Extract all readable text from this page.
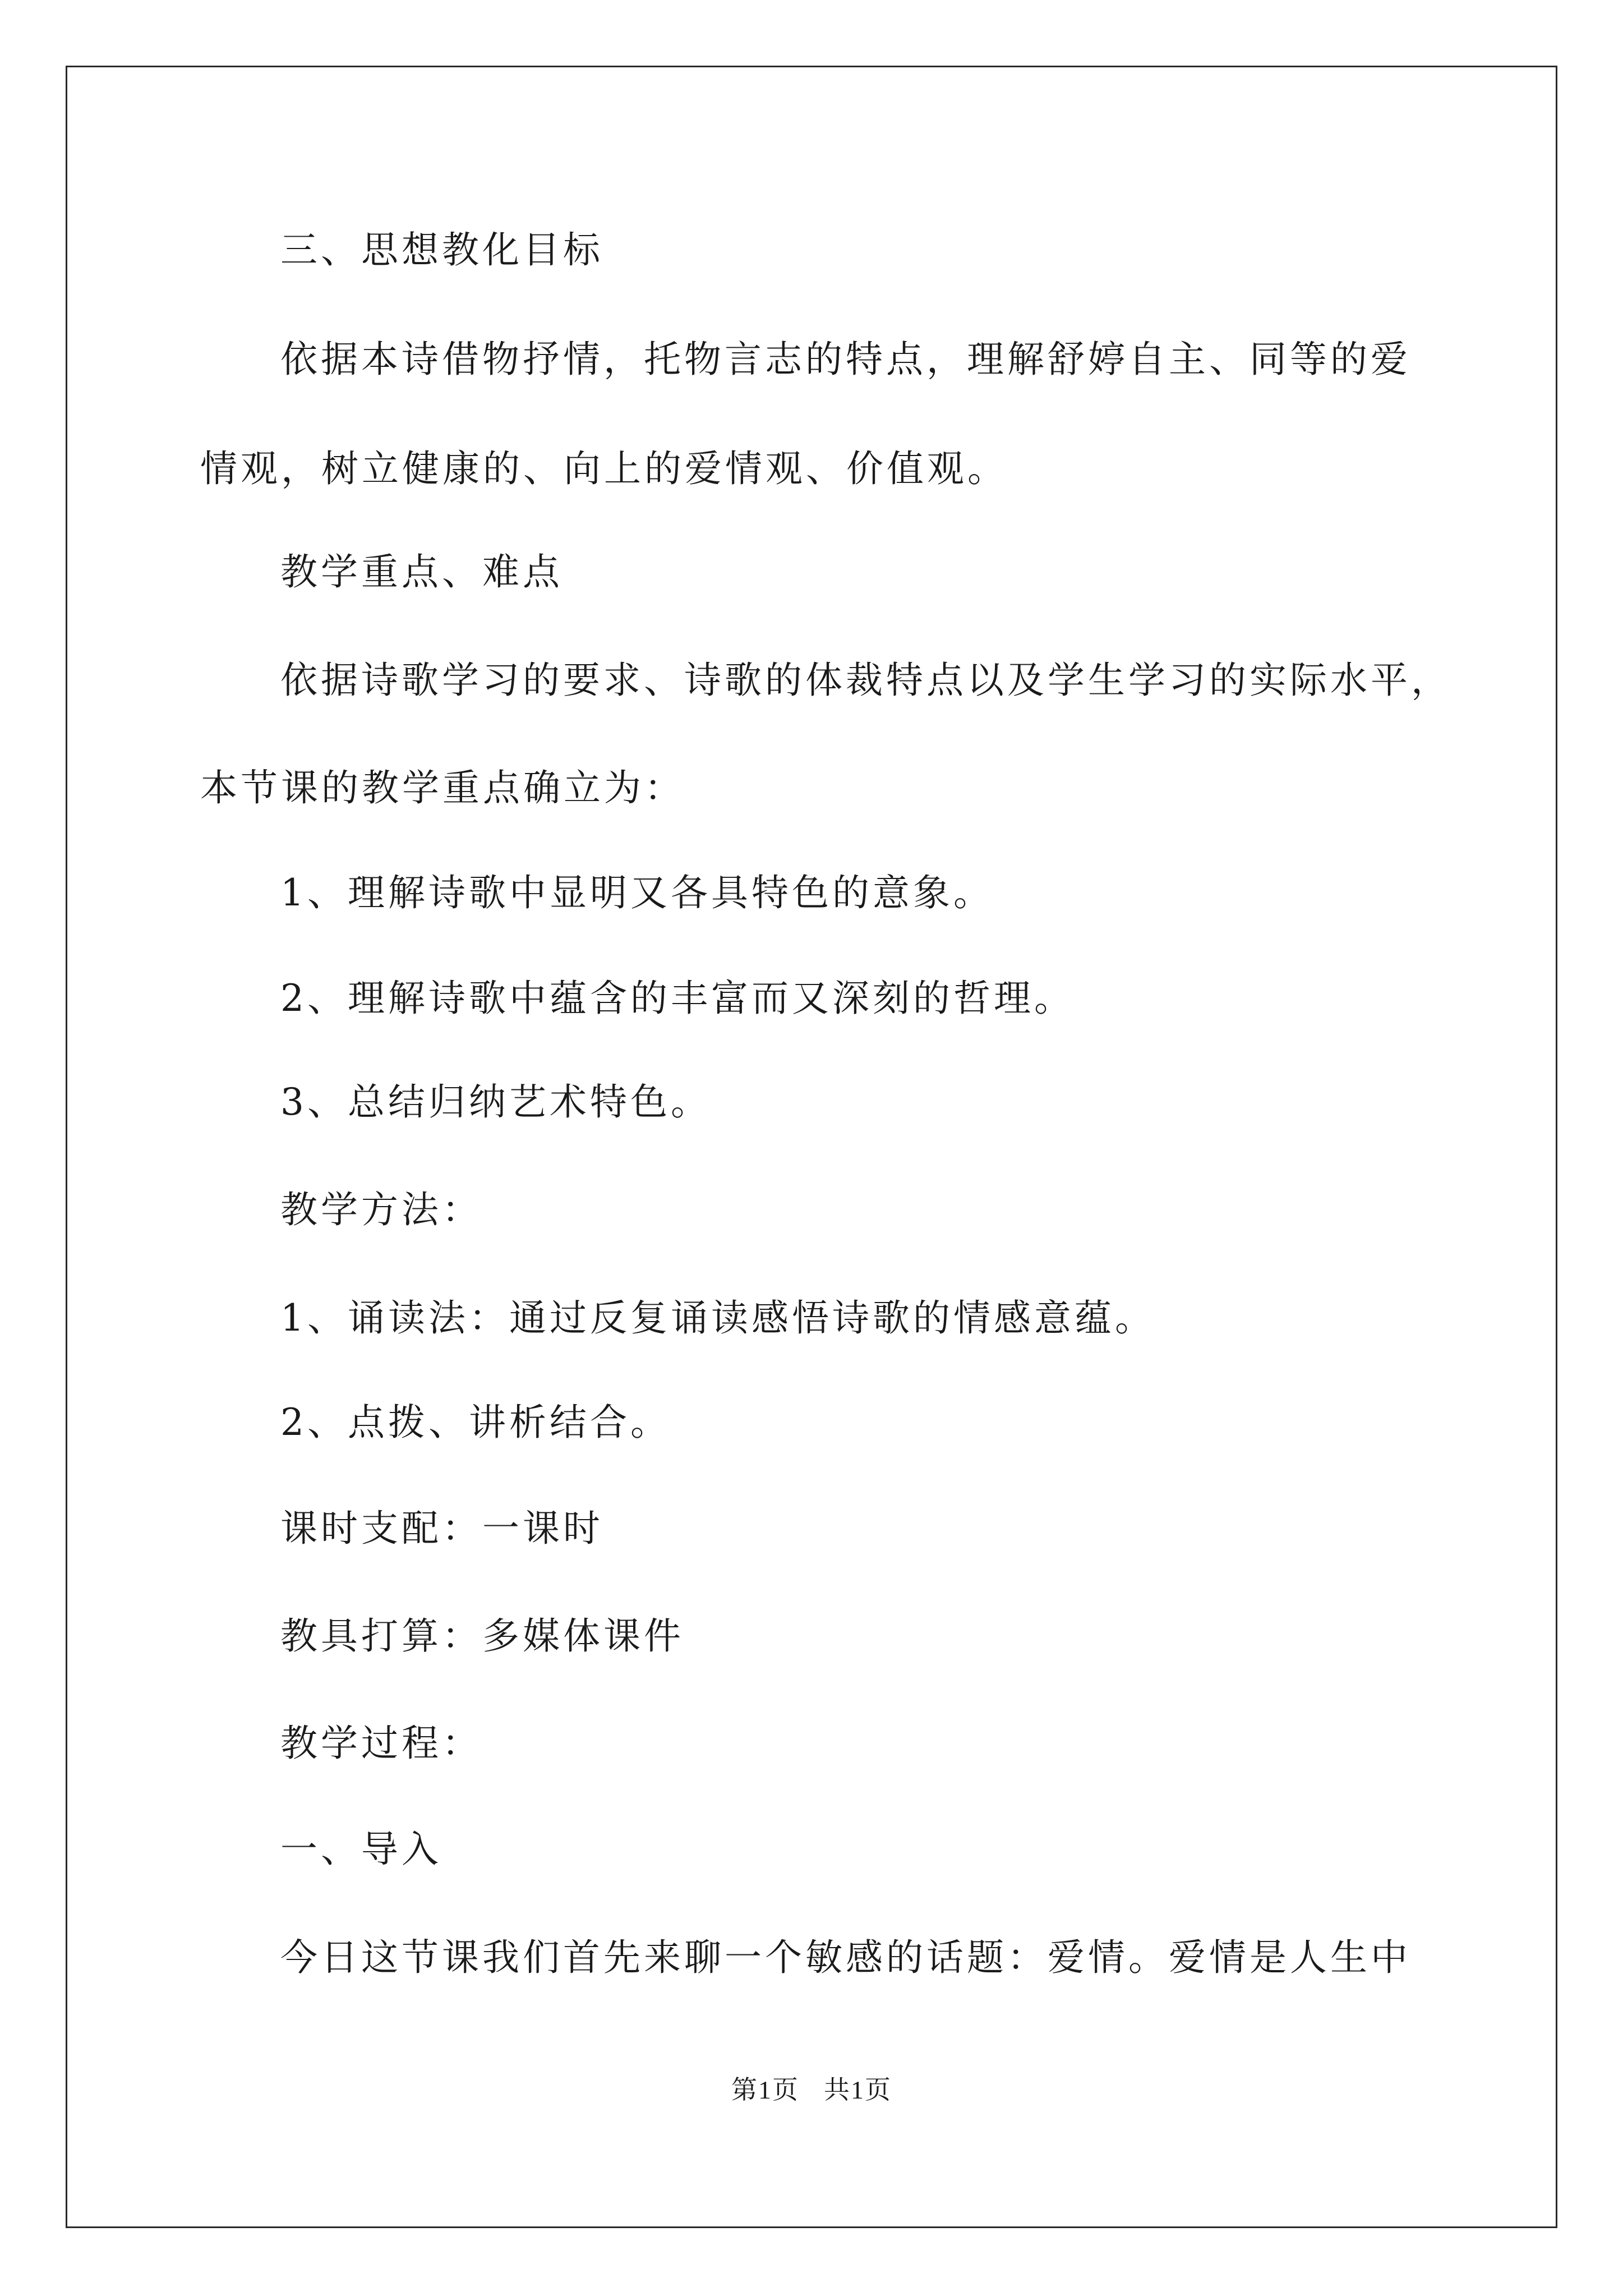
三、思想教化目标
依据本诗借物抒情，托物言志的特点，理解舒婷自主、同等的爱
情观，树立健康的、向上的爱情观、价值观。
教学重点、难点
依据诗歌学习的要求、诗歌的体裁特点以及学生学习的实际水平，
本节课的教学重点确立为：
1、理解诗歌中显明又各具特色的意象。
2、理解诗歌中蕴含的丰富而又深刻的哲理。
3、总结归纳艺术特色。
教学方法：
1、诵读法：通过反复诵读感悟诗歌的情感意蕴。
2、点拨、讲析结合。
课时支配：一课时
教具打算：多媒体课件
教学过程：
一、导入
今日这节课我们首先来聊一个敏感的话题：爱情。爱情是人生中
第1页 共1页
